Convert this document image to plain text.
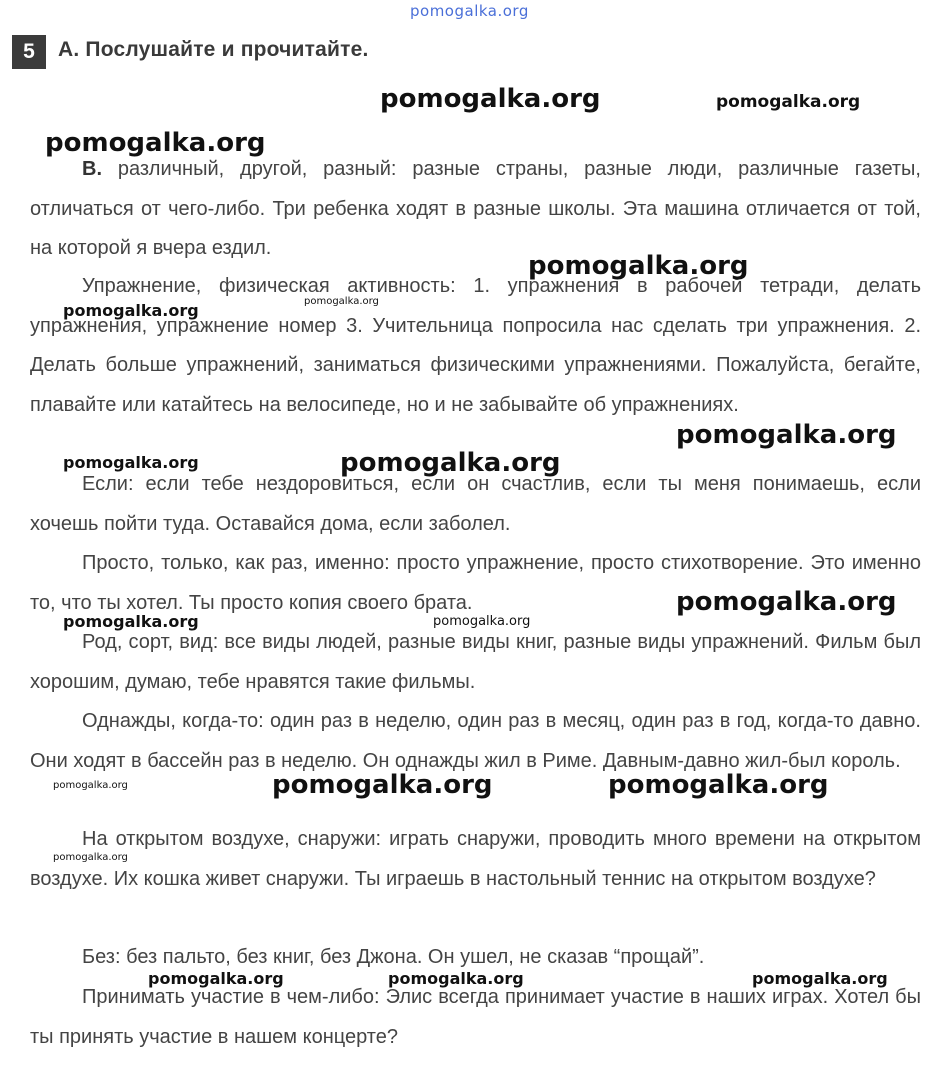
pomogalka.org
5	А. Послушайте и прочитайте.

В. различный, другой, разный: разные страны, разные люди, различные газеты, отличаться от чего-либо. Три ребенка ходят в разные школы. Эта машина отличается от той, на которой я вчера ездил.

Упражнение, физическая активность: 1. упражнения в рабочей тетради, делать упражнения, упражнение номер 3. Учительница попросила нас сделать три упражнения. 2. Делать больше упражнений, заниматься физическими упражнениями. Пожалуйста, бегайте, плавайте или катайтесь на велосипеде, но и не забывайте об упражнениях.

Если: если тебе нездоровиться, если он счастлив, если ты меня понимаешь, если хочешь пойти туда. Оставайся дома, если заболел.

Просто, только, как раз, именно: просто упражнение, просто стихотворение. Это именно то, что ты хотел. Ты просто копия своего брата.

Род, сорт, вид: все виды людей, разные виды книг, разные виды упражнений. Фильм был хорошим, думаю, тебе нравятся такие фильмы.

Однажды, когда-то: один раз в неделю, один раз в месяц, один раз в год, когда-то давно. Они ходят в бассейн раз в неделю. Он однажды жил в Риме. Давным-давно жил-был король.

На открытом воздухе, снаружи: играть снаружи, проводить много времени на открытом воздухе. Их кошка живет снаружи. Ты играешь в настольный теннис на открытом воздухе?

Без: без пальто, без книг, без Джона. Он ушел, не сказав “прощай”.

Принимать участие в чем-либо: Элис всегда принимает участие в наших играх. Хотел бы ты принять участие в нашем концерте?

pomogalka.org	pomogalka.org
pomogalka.org
pomogalka.org
pomogalka.org	pomogalka.org
pomogalka.org
pomogalka.org	pomogalka.org
pomogalka.org
pomogalka.org	pomogalka.org
pomogalka.org	pomogalka.org	pomogalka.org
pomogalka.org
pomogalka.org	pomogalka.org	pomogalka.org
